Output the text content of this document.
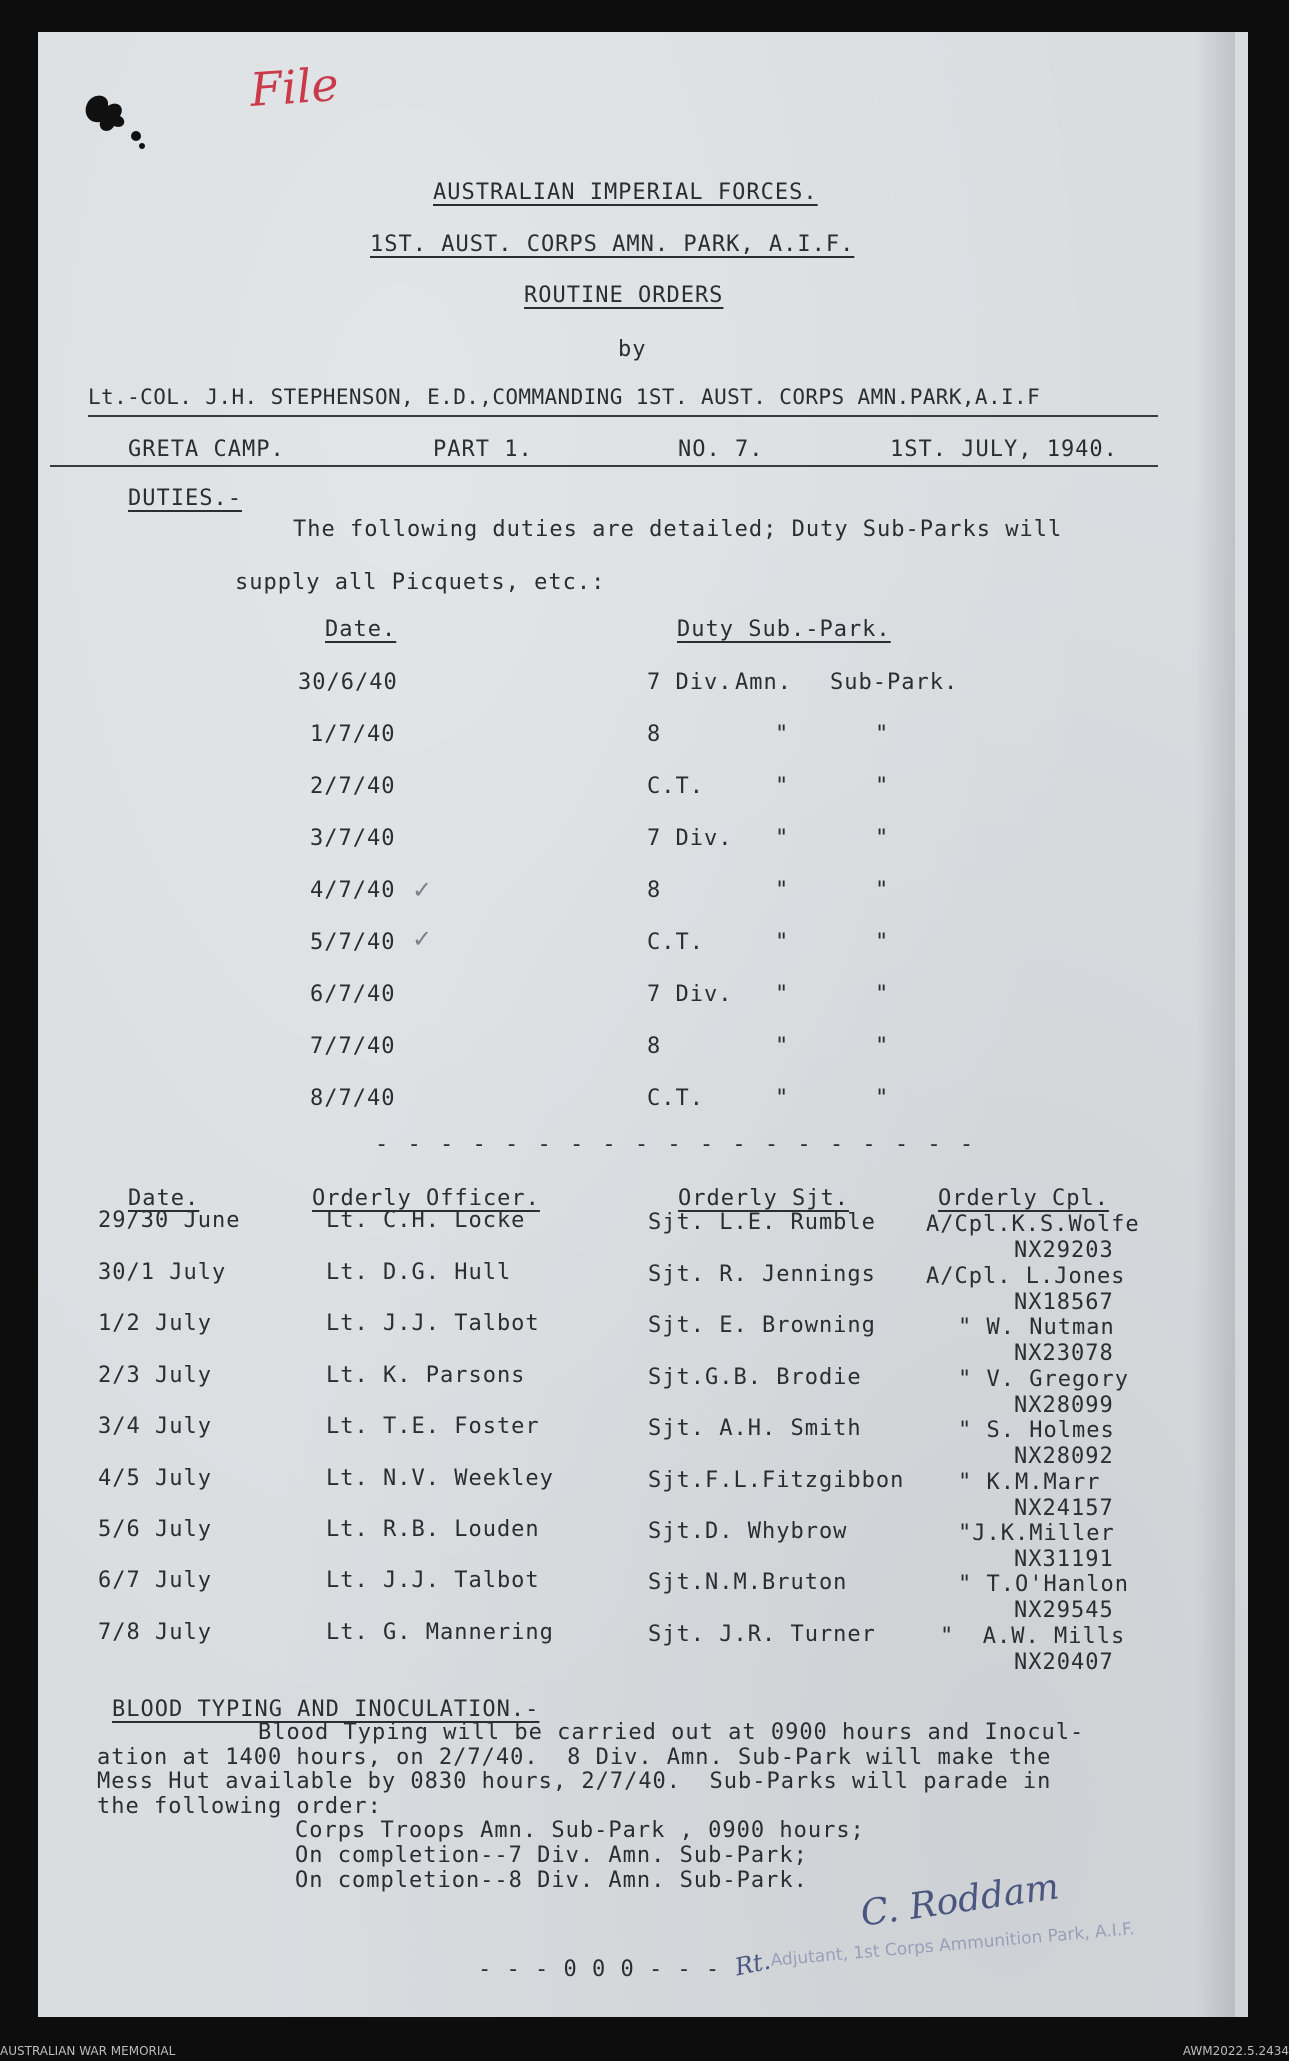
File
AUSTRALIAN IMPERIAL FORCES.
1ST. AUST. CORPS AMN. PARK, A.I.F.
ROUTINE ORDERS
by
Lt.-COL. J.H. STEPHENSON, E.D.,COMMANDING 1ST. AUST. CORPS AMN.PARK,A.I.F
GRETA CAMP.	PART 1.	NO. 7.	1ST. JULY, 1940.
DUTIES.-
The following duties are detailed; Duty Sub-Parks will
supply all Picquets, etc.:
Date.	Duty Sub.-Park.
30/6/40	7 Div. Amn. Sub-Park.
1/7/40	8	"	"
2/7/40	C.T.	"	"
3/7/40	7 Div. "	"
4/7/40 ✓	8	"	"
5/7/40 ✓	C.T.	"	"
6/7/40	7 Div. "	"
7/7/40	8	"	"
8/7/40	C.T.	"	"
- - - - - - - - - - - - - - - - - - -
Date.	Orderly Officer.	Orderly Sjt.	Orderly Cpl.
29/30 June	Lt. C.H. Locke	Sjt. L.E. Rumble A/Cpl.K.S.Wolfe
NX29203
30/1 July	Lt. D.G. Hull	Sjt. R. Jennings A/Cpl. L.Jones
NX18567
1/2 July	Lt. J.J. Talbot	Sjt. E. Browning	" W. Nutman
NX23078
2/3 July	Lt. K. Parsons	Sjt.G.B. Brodie	" V. Gregory
NX28099
3/4 July	Lt. T.E. Foster	Sjt. A.H. Smith	" S. Holmes
NX28092
4/5 July	Lt. N.V. Weekley	Sjt.F.L.Fitzgibbon " K.M.Marr
NX24157
5/6 July	Lt. R.B. Louden	Sjt.D. Whybrow	"J.K.Miller
NX31191
6/7 July	Lt. J.J. Talbot	Sjt.N.M.Bruton	" T.O'Hanlon
NX29545
7/8 July	Lt. G. Mannering	Sjt. J.R. Turner	"  A.W. Mills
NX20407
BLOOD TYPING AND INOCULATION.-
Blood Typing will be carried out at 0900 hours and Inocul-
ation at 1400 hours, on 2/7/40.  8 Div. Amn. Sub-Park will make the
Mess Hut available by 0830 hours, 2/7/40.  Sub-Parks will parade in
the following order:
Corps Troops Amn. Sub-Park , 0900 hours;
On completion--7 Div. Amn. Sub-Park;
On completion--8 Div. Amn. Sub-Park. C. Roddam
Adjutant, 1st Corps Ammunition Park, A.I.F.
Rt.
- - - 0 0 0 - - -
AUSTRALIAN WAR MEMORIAL	AWM2022.5.2434
